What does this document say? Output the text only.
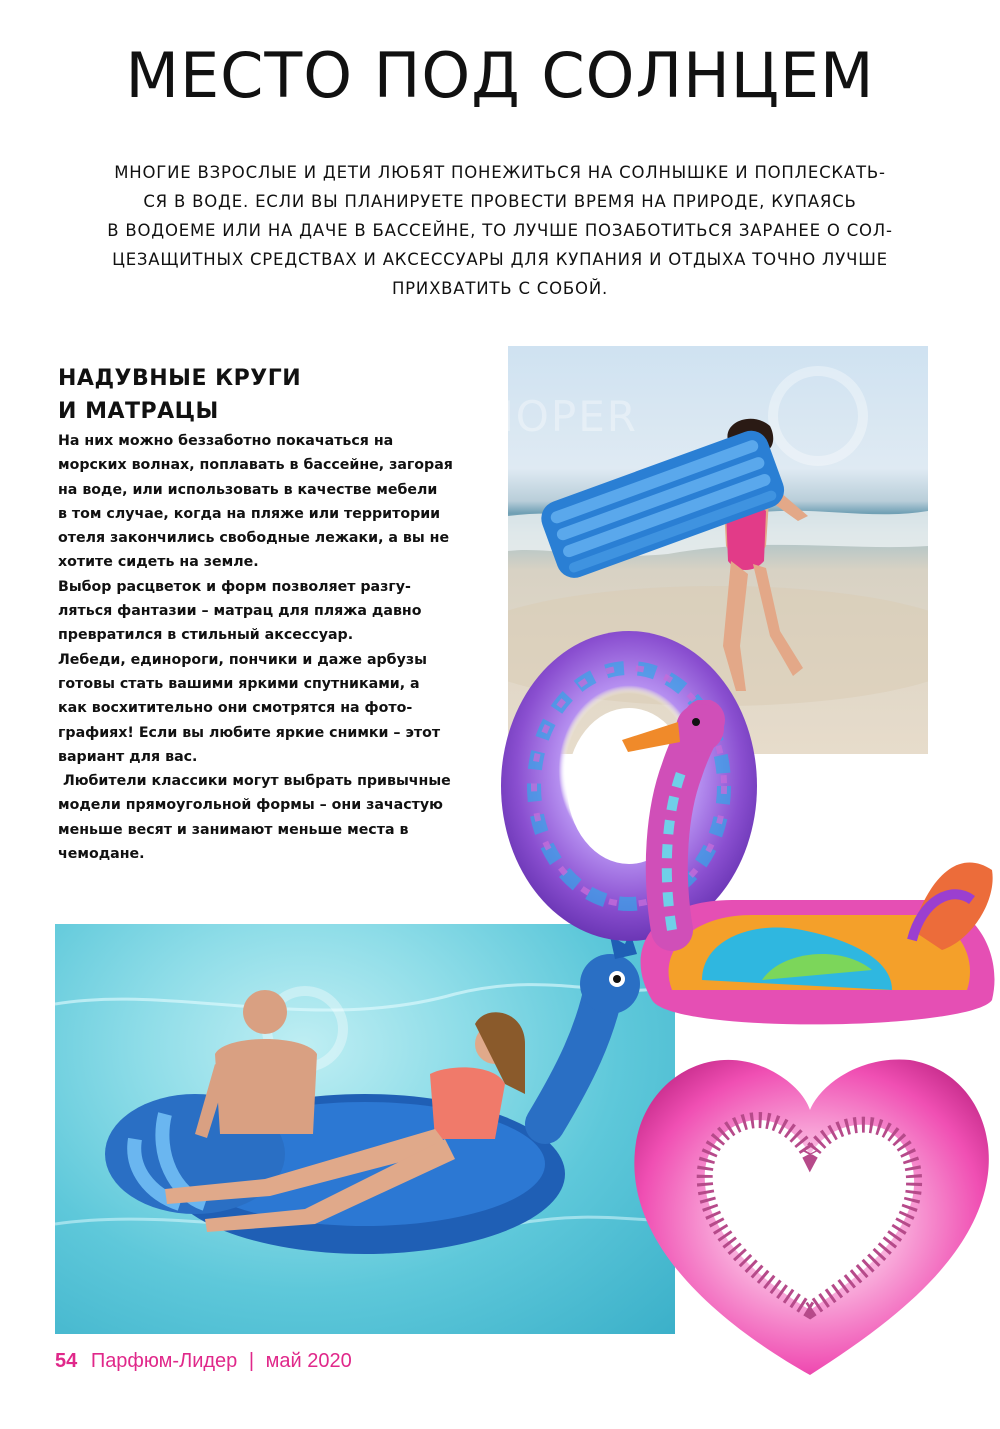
МЕСТО ПОД СОЛНЦЕМ
МНОГИЕ ВЗРОСЛЫЕ И ДЕТИ ЛЮБЯТ ПОНЕЖИТЬСЯ НА СОЛНЫШКЕ И ПОПЛЕСКАТЬ-
СЯ В ВОДЕ. ЕСЛИ ВЫ ПЛАНИРУЕТЕ ПРОВЕСТИ ВРЕМЯ НА ПРИРОДЕ, КУПАЯСЬ
В ВОДОЕМЕ ИЛИ НА ДАЧЕ В БАССЕЙНЕ, ТО ЛУЧШЕ ПОЗАБОТИТЬСЯ ЗАРАНЕЕ О СОЛ-
ЦЕЗАЩИТНЫХ СРЕДСТВАХ И АКСЕССУАРЫ ДЛЯ КУПАНИЯ И ОТДЫХА ТОЧНО ЛУЧШЕ
ПРИХВАТИТЬ С СОБОЙ.
НАДУВНЫЕ КРУГИ
И МАТРАЦЫ
На них можно беззаботно покачаться на
морских волнах, поплавать в бассейне, загорая
на воде, или использовать в качестве мебели
в том случае, когда на пляже или территории
отеля закончились свободные лежаки, а вы не
хотите сидеть на земле.
Выбор расцветок и форм позволяет разгу-
ляться фантазии – матрац для пляжа давно
превратился в стильный аксессуар.
Лебеди, единороги, пончики и даже арбузы
готовы стать вашими яркими спутниками, а
как восхитительно они смотрятся на фото-
графиях! Если вы любите яркие снимки – этот
вариант для вас.
Любители классики могут выбрать привычные
модели прямоугольной формы – они зачастую
меньше весят и занимают меньше места в
чемодане.
PROSHOPER
54 Парфюм-Лидер | май 2020
